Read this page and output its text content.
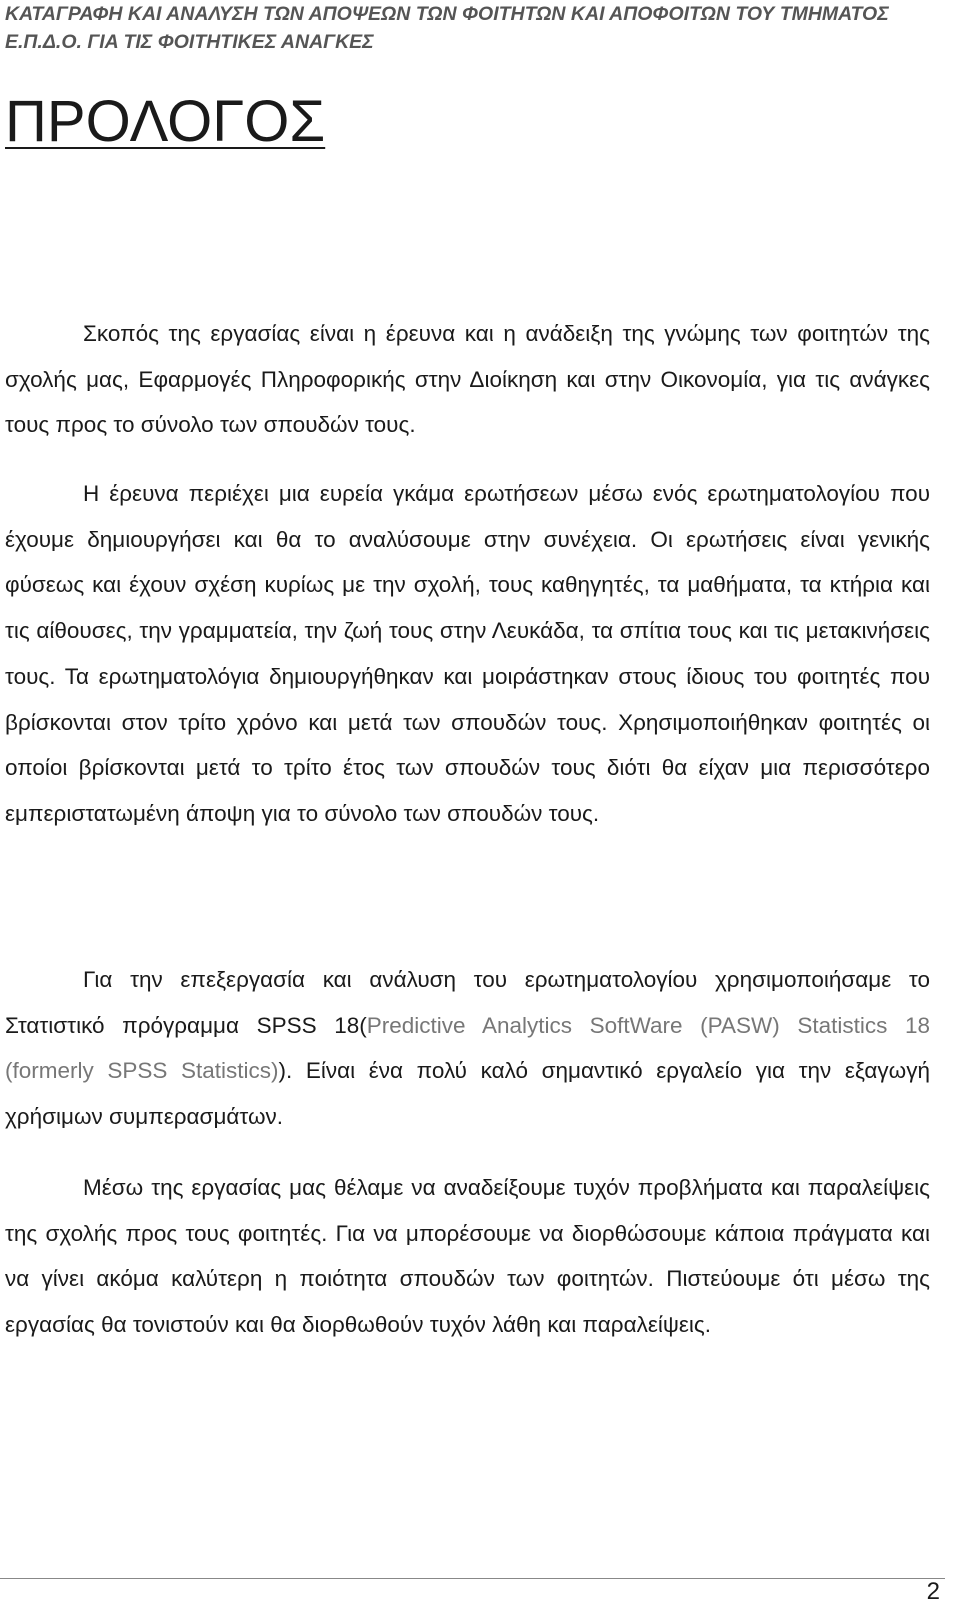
ΚΑΤΑΓΡΑΦΗ ΚΑΙ ΑΝΑΛΥΣΗ ΤΩΝ ΑΠΟΨΕΩΝ ΤΩΝ ΦΟΙΤΗΤΩΝ ΚΑΙ ΑΠΟΦΟΙΤΩΝ ΤΟΥ ΤΜΗΜΑΤΟΣ
Ε.Π.Δ.Ο. ΓΙΑ ΤΙΣ ΦΟΙΤΗΤΙΚΕΣ ΑΝΑΓΚΕΣ
ΠΡΟΛΟΓΟΣ

Σκοπός της εργασίας είναι η έρευνα και η ανάδειξη της γνώμης των φοιτητών της σχολής μας, Εφαρμογές Πληροφορικής στην Διοίκηση και στην Οικονομία, για τις ανάγκες τους προς το σύνολο των σπουδών τους.

Η έρευνα περιέχει μια ευρεία γκάμα ερωτήσεων μέσω ενός ερωτηματολογίου που έχουμε δημιουργήσει και θα το αναλύσουμε στην συνέχεια. Οι ερωτήσεις είναι γενικής φύσεως και έχουν σχέση κυρίως με την σχολή, τους καθηγητές, τα μαθήματα, τα κτήρια και τις αίθουσες, την γραμματεία, την ζωή τους στην Λευκάδα, τα σπίτια τους και τις μετακινήσεις τους. Τα ερωτηματολόγια δημιουργήθηκαν και μοιράστηκαν στους ίδιους του φοιτητές που βρίσκονται στον τρίτο χρόνο και μετά των σπουδών τους. Χρησιμοποιήθηκαν φοιτητές οι οποίοι βρίσκονται μετά το τρίτο έτος των σπουδών τους διότι θα είχαν μια περισσότερο εμπεριστατωμένη άποψη για το σύνολο των σπουδών τους.

Για την επεξεργασία και ανάλυση του ερωτηματολογίου χρησιμοποιήσαμε το Στατιστικό πρόγραμμα SPSS 18(Predictive Analytics SoftWare (PASW) Statistics 18 (formerly SPSS Statistics)). Είναι ένα πολύ καλό σημαντικό εργαλείο για την εξαγωγή χρήσιμων συμπερασμάτων.

Μέσω της εργασίας μας θέλαμε να αναδείξουμε τυχόν προβλήματα και παραλείψεις της σχολής προς τους φοιτητές. Για να μπορέσουμε να διορθώσουμε κάποια πράγματα και να γίνει ακόμα καλύτερη η ποιότητα σπουδών των φοιτητών. Πιστεύουμε ότι μέσω της εργασίας θα τονιστούν και θα διορθωθούν τυχόν λάθη και παραλείψεις.

2
